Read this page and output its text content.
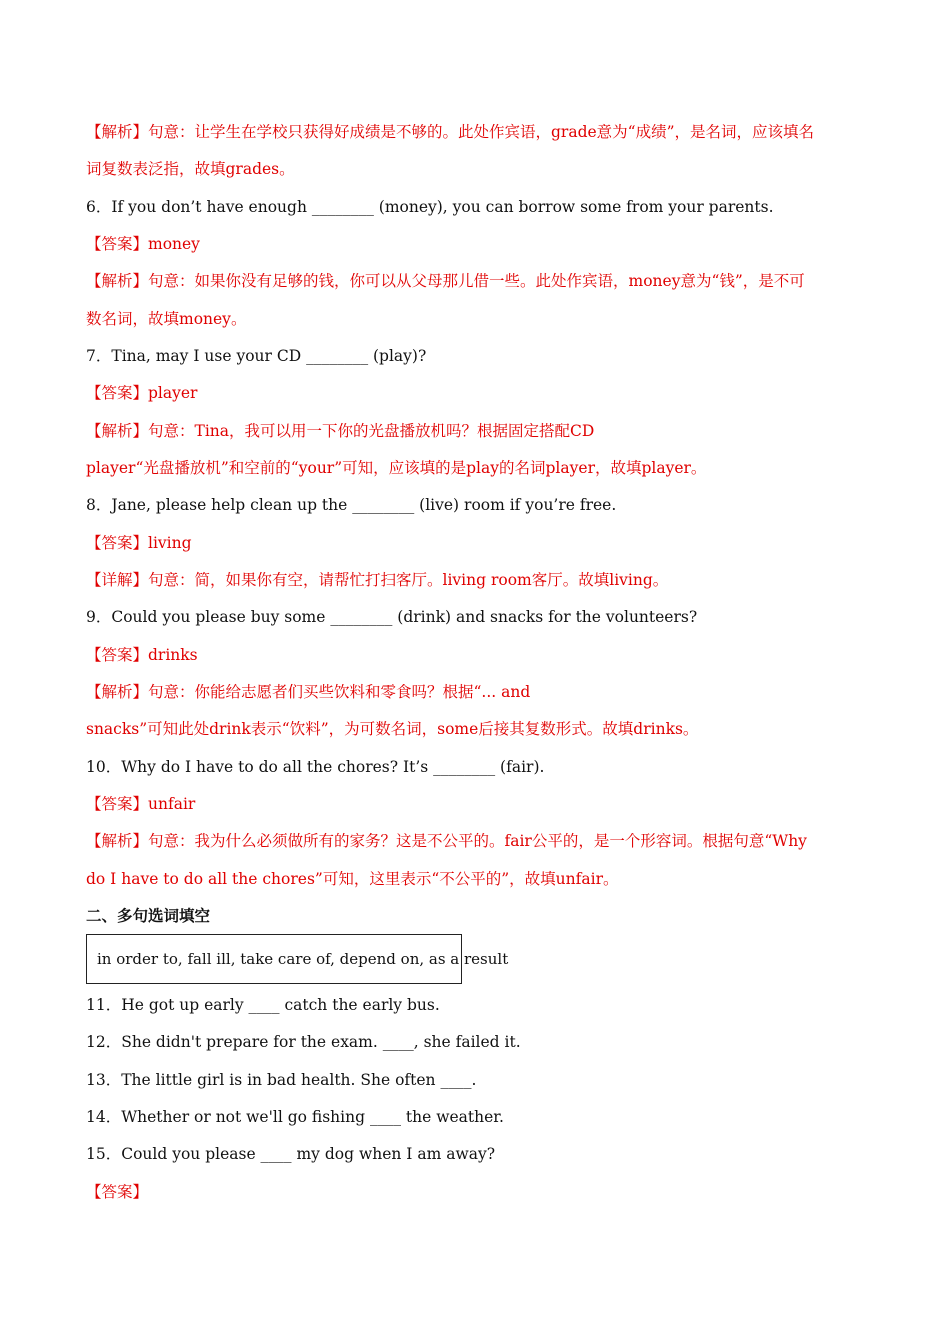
【解析】句意：让学生在学校只获得好成绩是不够的。此处作宾语，grade意为“成绩”，是名词，应该填名
词复数表泛指，故填grades。
6．If you don’t have enough ________ (money), you can borrow some from your parents.
【答案】money
【解析】句意：如果你没有足够的钱，你可以从父母那儿借一些。此处作宾语，money意为“钱”，是不可
数名词，故填money。
7．Tina, may I use your CD ________ (play)?
【答案】player
【解析】句意：Tina，我可以用一下你的光盘播放机吗？根据固定搭配CD
player“光盘播放机”和空前的“your”可知，应该填的是play的名词player，故填player。
8．Jane, please help clean up the ________ (live) room if you’re free.
【答案】living
【详解】句意：简，如果你有空，请帮忙打扫客厅。living room客厅。故填living。
9．Could you please buy some ________ (drink) and snacks for the volunteers?
【答案】drinks
【解析】句意：你能给志愿者们买些饮料和零食吗？根据“... and
snacks”可知此处drink表示“饮料”，为可数名词，some后接其复数形式。故填drinks。
10．Why do I have to do all the chores? It’s ________ (fair).
【答案】unfair
【解析】句意：我为什么必须做所有的家务？这是不公平的。fair公平的，是一个形容词。根据句意“Why
do I have to do all the chores”可知，这里表示“不公平的”，故填unfair。
二、多句选词填空
in order to, fall ill, take care of, depend on, as a result
11．He got up early ____ catch the early bus.
12．She didn't prepare for the exam. ____, she failed it.
13．The little girl is in bad health. She often ____.
14．Whether or not we'll go fishing ____ the weather.
15．Could you please ____ my dog when I am away?
【答案】
